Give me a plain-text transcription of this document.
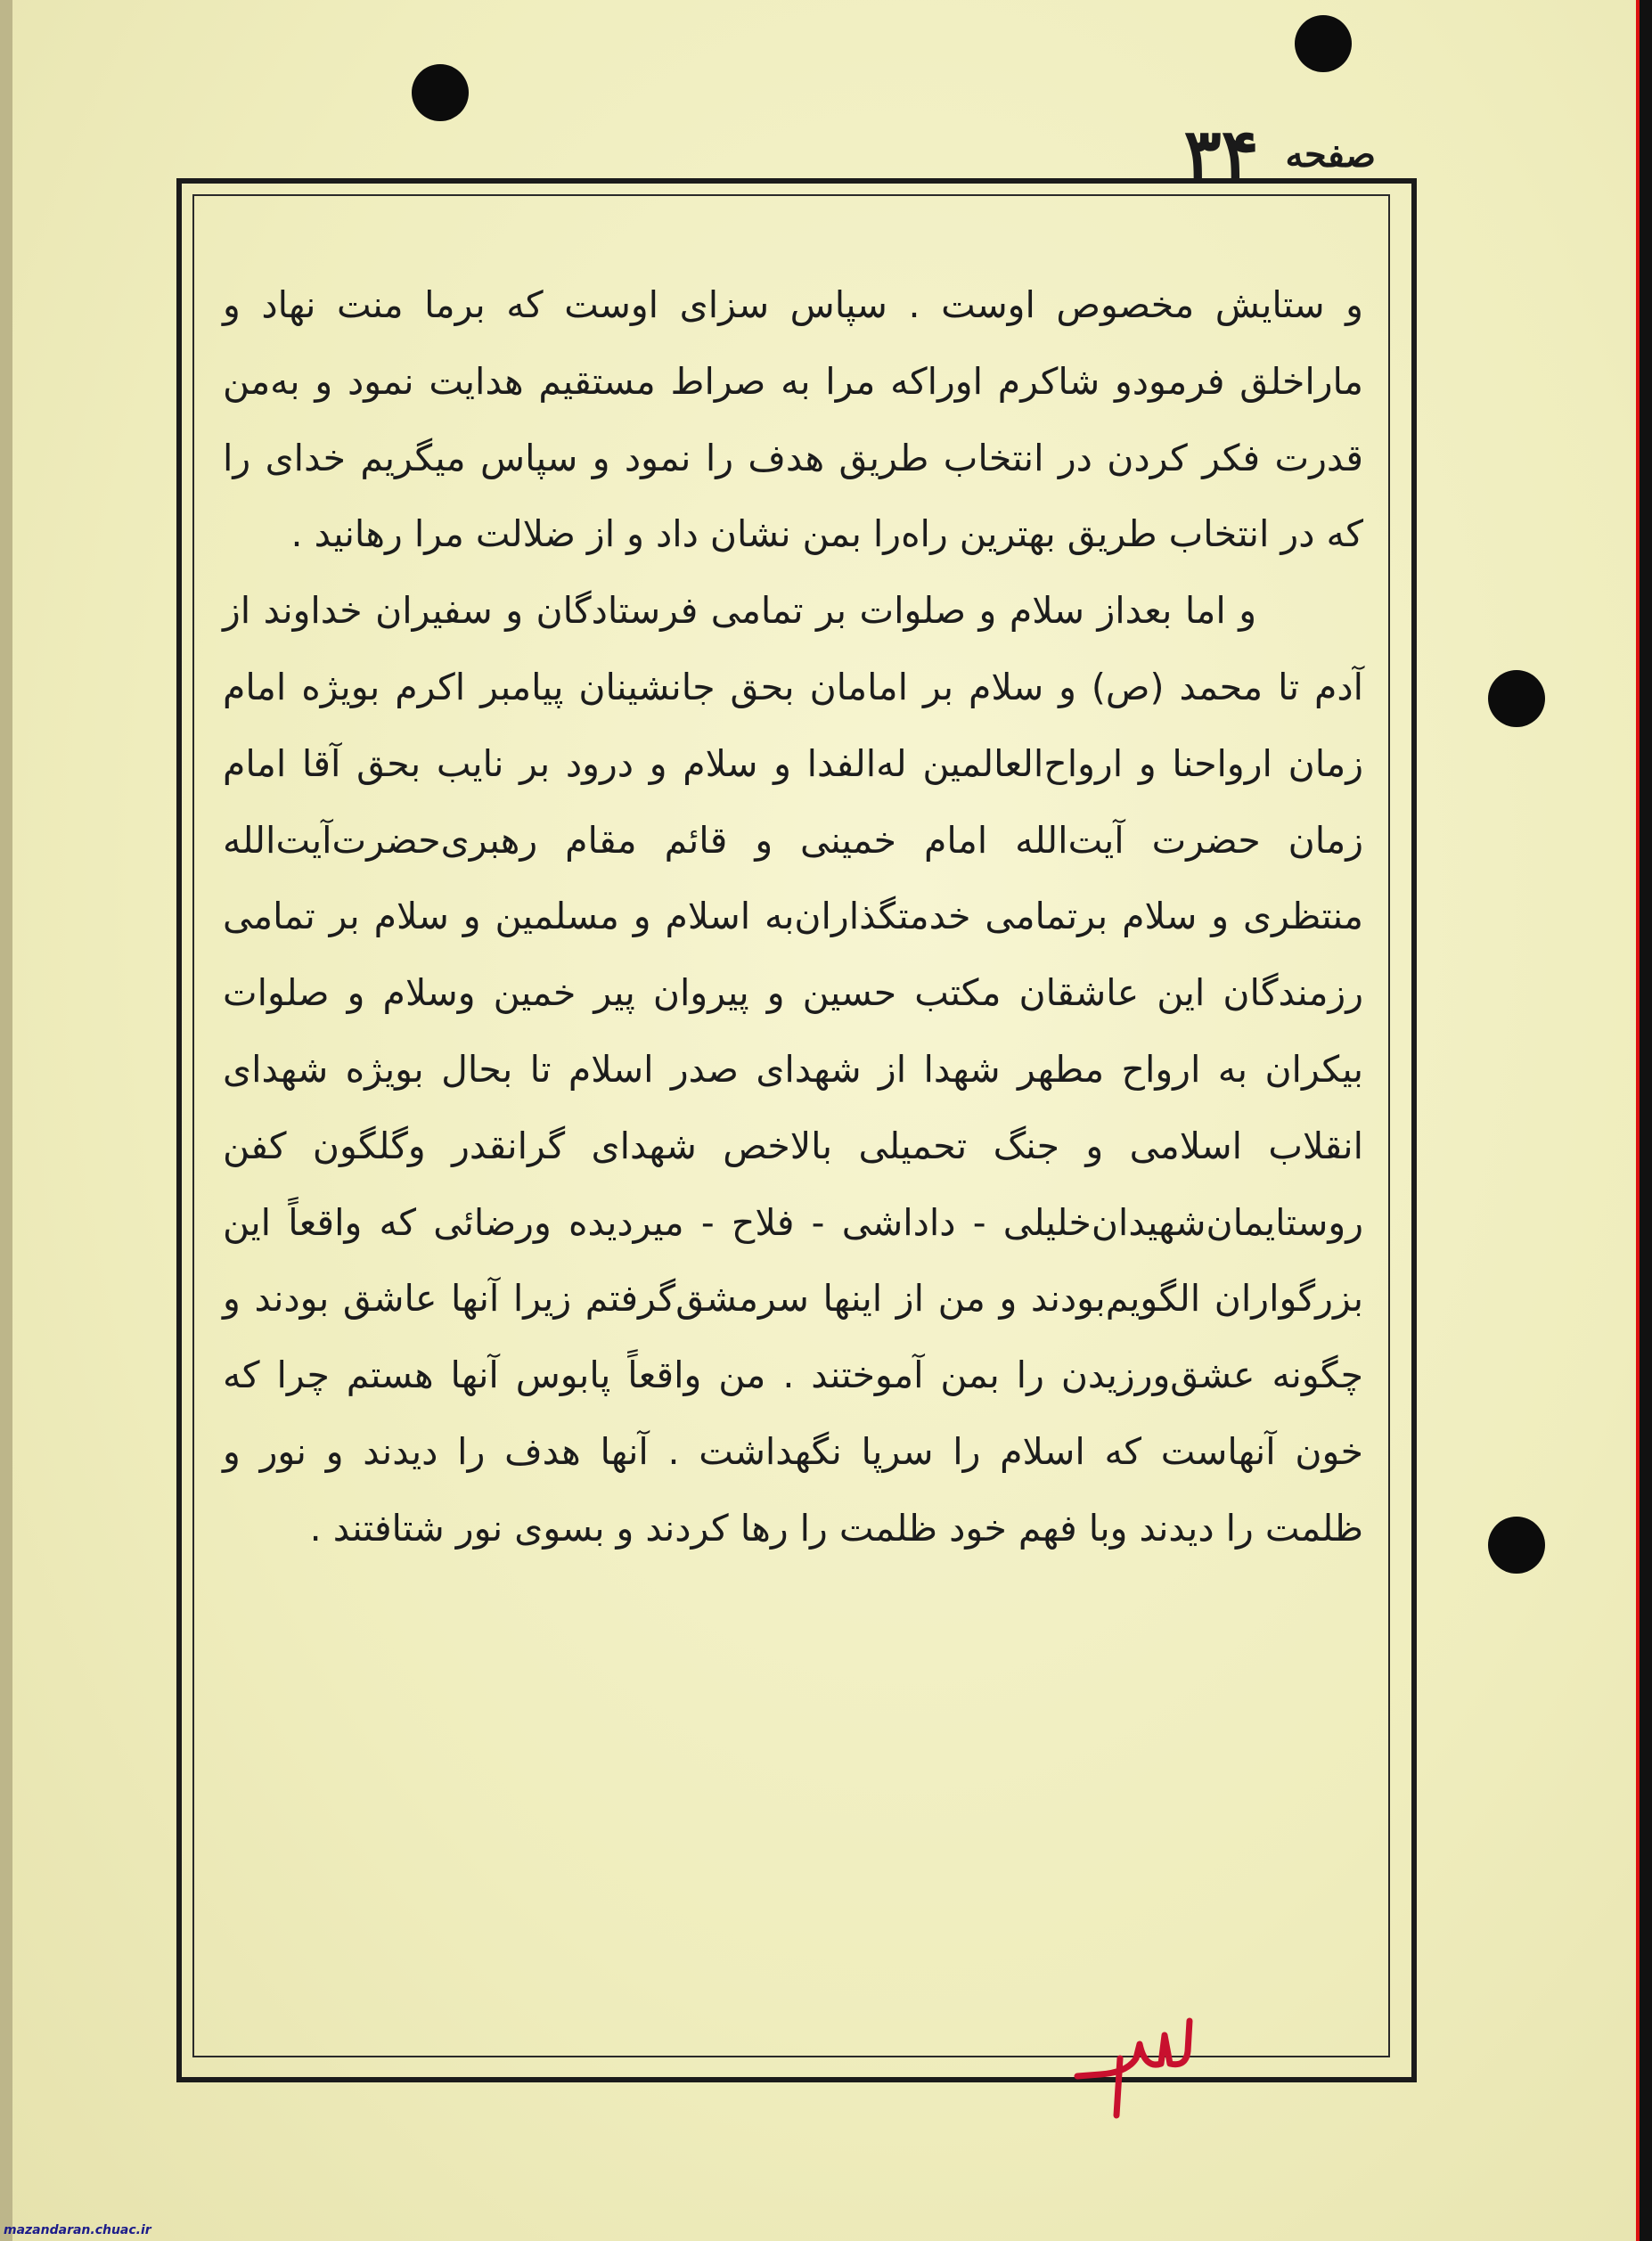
صفحه
۳۴

و ستایش مخصوص اوست . سپاس سزای اوست که برما منت نهاد و ماراخلق فرمودو شاکرم اوراکه مرا به صراط مستقیم هدایت نمود و به‌من قدرت فکر کردن در انتخاب طریق هدف را نمود و سپاس میگریم خدای را که در انتخاب طریق بهترین راه‌را بمن نشان داد و از ضلالت مرا رهانید .

و اما بعداز سلام و صلوات بر تمامی فرستادگان و سفیران خداوند از آدم تا محمد (ص) و سلام بر امامان بحق جانشینان پیامبر اکرم بویژه امام زمان ارواحنا و ارواح‌العالمین له‌الفدا و سلام و درود بر نایب بحق آقا امام زمان حضرت آیت‌الله امام خمینی و قائم مقام رهبری‌حضرت‌آیت‌الله منتظری و سلام برتمامی خدمتگذاران‌به اسلام و مسلمین و سلام بر تمامی رزمندگان این عاشقان مکتب حسین و پیروان پیر خمین وسلام و صلوات بیکران به ارواح مطهر شهدا از شهدای صدر اسلام تا بحال بویژه شهدای انقلاب اسلامی و جنگ تحمیلی بالاخص شهدای گرانقدر وگلگون کفن روستایمان‌شهیدان‌خلیلی - داداشی - فلاح - میردیده ورضائی که واقعاً این بزرگواران الگویم‌بودند و من از اینها سرمشق‌گرفتم زیرا آنها عاشق بودند و چگونه عشق‌ورزیدن را بمن آموختند . من واقعاً پابوس آنها هستم چرا که خون آنهاست که اسلام را سرپا نگهداشت . آنها هدف را دیدند و نور و ظلمت را دیدند وبا فهم خود ظلمت را رها کردند و بسوی نور شتافتند .

mazandaran.chuac.ir
